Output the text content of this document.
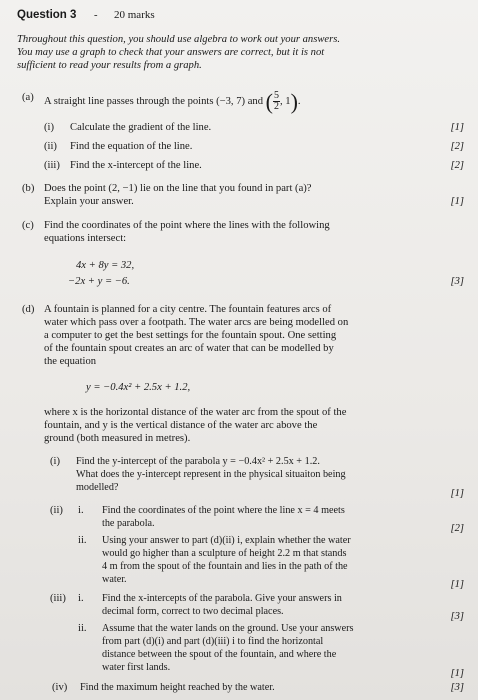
Question 3 - 20 marks
Throughout this question, you should use algebra to work out your answers.
You may use a graph to check that your answers are correct, but it is not
sufficient to read your results from a graph.
(a) A straight line passes through the points (−3, 7) and ( $\frac{5}{2}$ , 1).
(i) Calculate the gradient of the line.	[1]
(ii) Find the equation of the line.	[2]
(iii) Find the x-intercept of the line.	[2]
(b) Does the point (2, −1) lie on the line that you found in part (a)?
Explain your answer.	[1]
(c) Find the coordinates of the point where the lines with the following
equations intersect:
4x + 8y = 32,
−2x + y = −6.	[3]
(d) A fountain is planned for a city centre. The fountain features arcs of
water which pass over a footpath. The water arcs are being modelled on
a computer to get the best settings for the fountain spout. One setting
of the fountain spout creates an arc of water that can be modelled by
the equation
y = −0.4x² + 2.5x + 1.2,
where x is the horizontal distance of the water arc from the spout of the
fountain, and y is the vertical distance of the water arc above the
ground (both measured in metres).
(i) Find the y-intercept of the parabola y = −0.4x² + 2.5x + 1.2.
What does the y-intercept represent in the physical situaiton being
modelled?
[1]
(ii) i. Find the coordinates of the point where the line x = 4 meets
the parabola.	[2]
ii. Using your answer to part (d)(ii) i, explain whether the water
would go higher than a sculpture of height 2.2 m that stands
4 m from the spout of the fountain and lies in the path of the
water.	[1]
(iii) i. Find the x-intercepts of the parabola. Give your answers in
decimal form, correct to two decimal places.	[3]
ii. Assume that the water lands on the ground. Use your answers
from part (d)(i) and part (d)(iii) i to find the horizontal
distance between the spout of the fountain, and where the
water first lands.
[1]
(iv) Find the maximum height reached by the water.	[3]
